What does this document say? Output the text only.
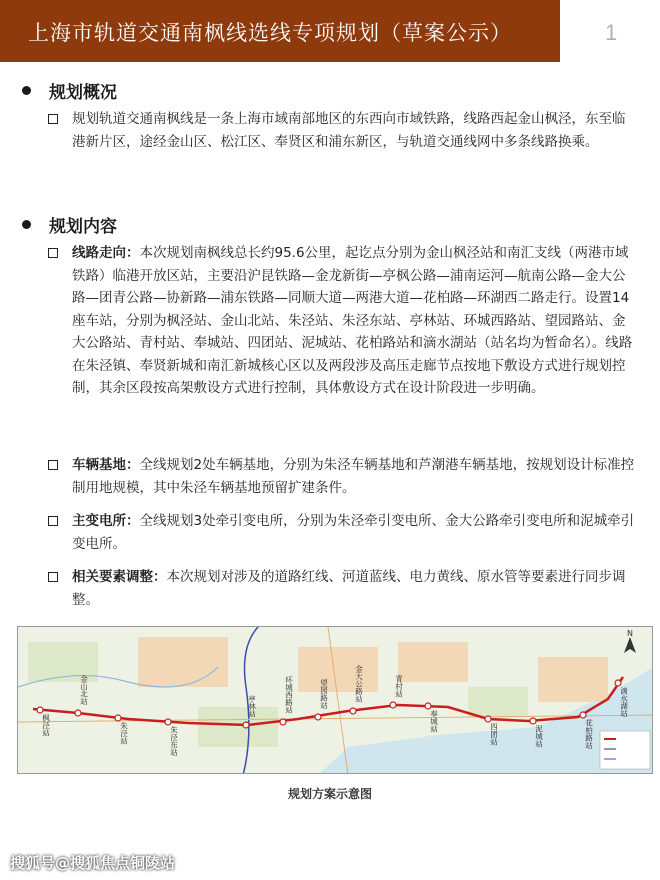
上海市轨道交通南枫线选线专项规划（草案公示）	1
规划概况
规划轨道交通南枫线是一条上海市域南部地区的东西向市域铁路，线路西起金山枫泾，东至临港新片区，途经金山区、松江区、奉贤区和浦东新区，与轨道交通线网中多条线路换乘。
规划内容
线路走向：本次规划南枫线总长约95.6公里，起讫点分别为金山枫泾站和南汇支线（两港市域铁路）临港开放区站，主要沿沪昆铁路—金龙新街—亭枫公路—浦南运河—航南公路—金大公路—团青公路—协新路—浦东铁路—同顺大道—两港大道—花柏路—环湖西二路走行。设置14座车站，分别为枫泾站、金山北站、朱泾站、朱泾东站、亭林站、环城西路站、望园路站、金大公路站、青村站、奉城站、四团站、泥城站、花柏路站和滴水湖站（站名均为暂命名）。线路在朱泾镇、奉贤新城和南汇新城核心区以及两段涉及高压走廊节点按地下敷设方式进行规划控制，其余区段按高架敷设方式进行控制，具体敷设方式在设计阶段进一步明确。
车辆基地：全线规划2处车辆基地，分别为朱泾车辆基地和芦潮港车辆基地，按规划设计标准控制用地规模，其中朱泾车辆基地预留扩建条件。
主变电所：全线规划3处牵引变电所，分别为朱泾牵引变电所、金大公路牵引变电所和泥城牵引变电所。
相关要素调整：本次规划对涉及的道路红线、河道蓝线、电力黄线、原水管等要素进行同步调整。
枫泾站
金山北站
朱泾站	朱泾东站
亭林站	环城西路站	望园路站	金大公路站	青村站
奉城站
四团站	泥城站	花柏路站
滴水湖站
N
规划方案示意图
搜狐号@搜狐焦点铜陵站
